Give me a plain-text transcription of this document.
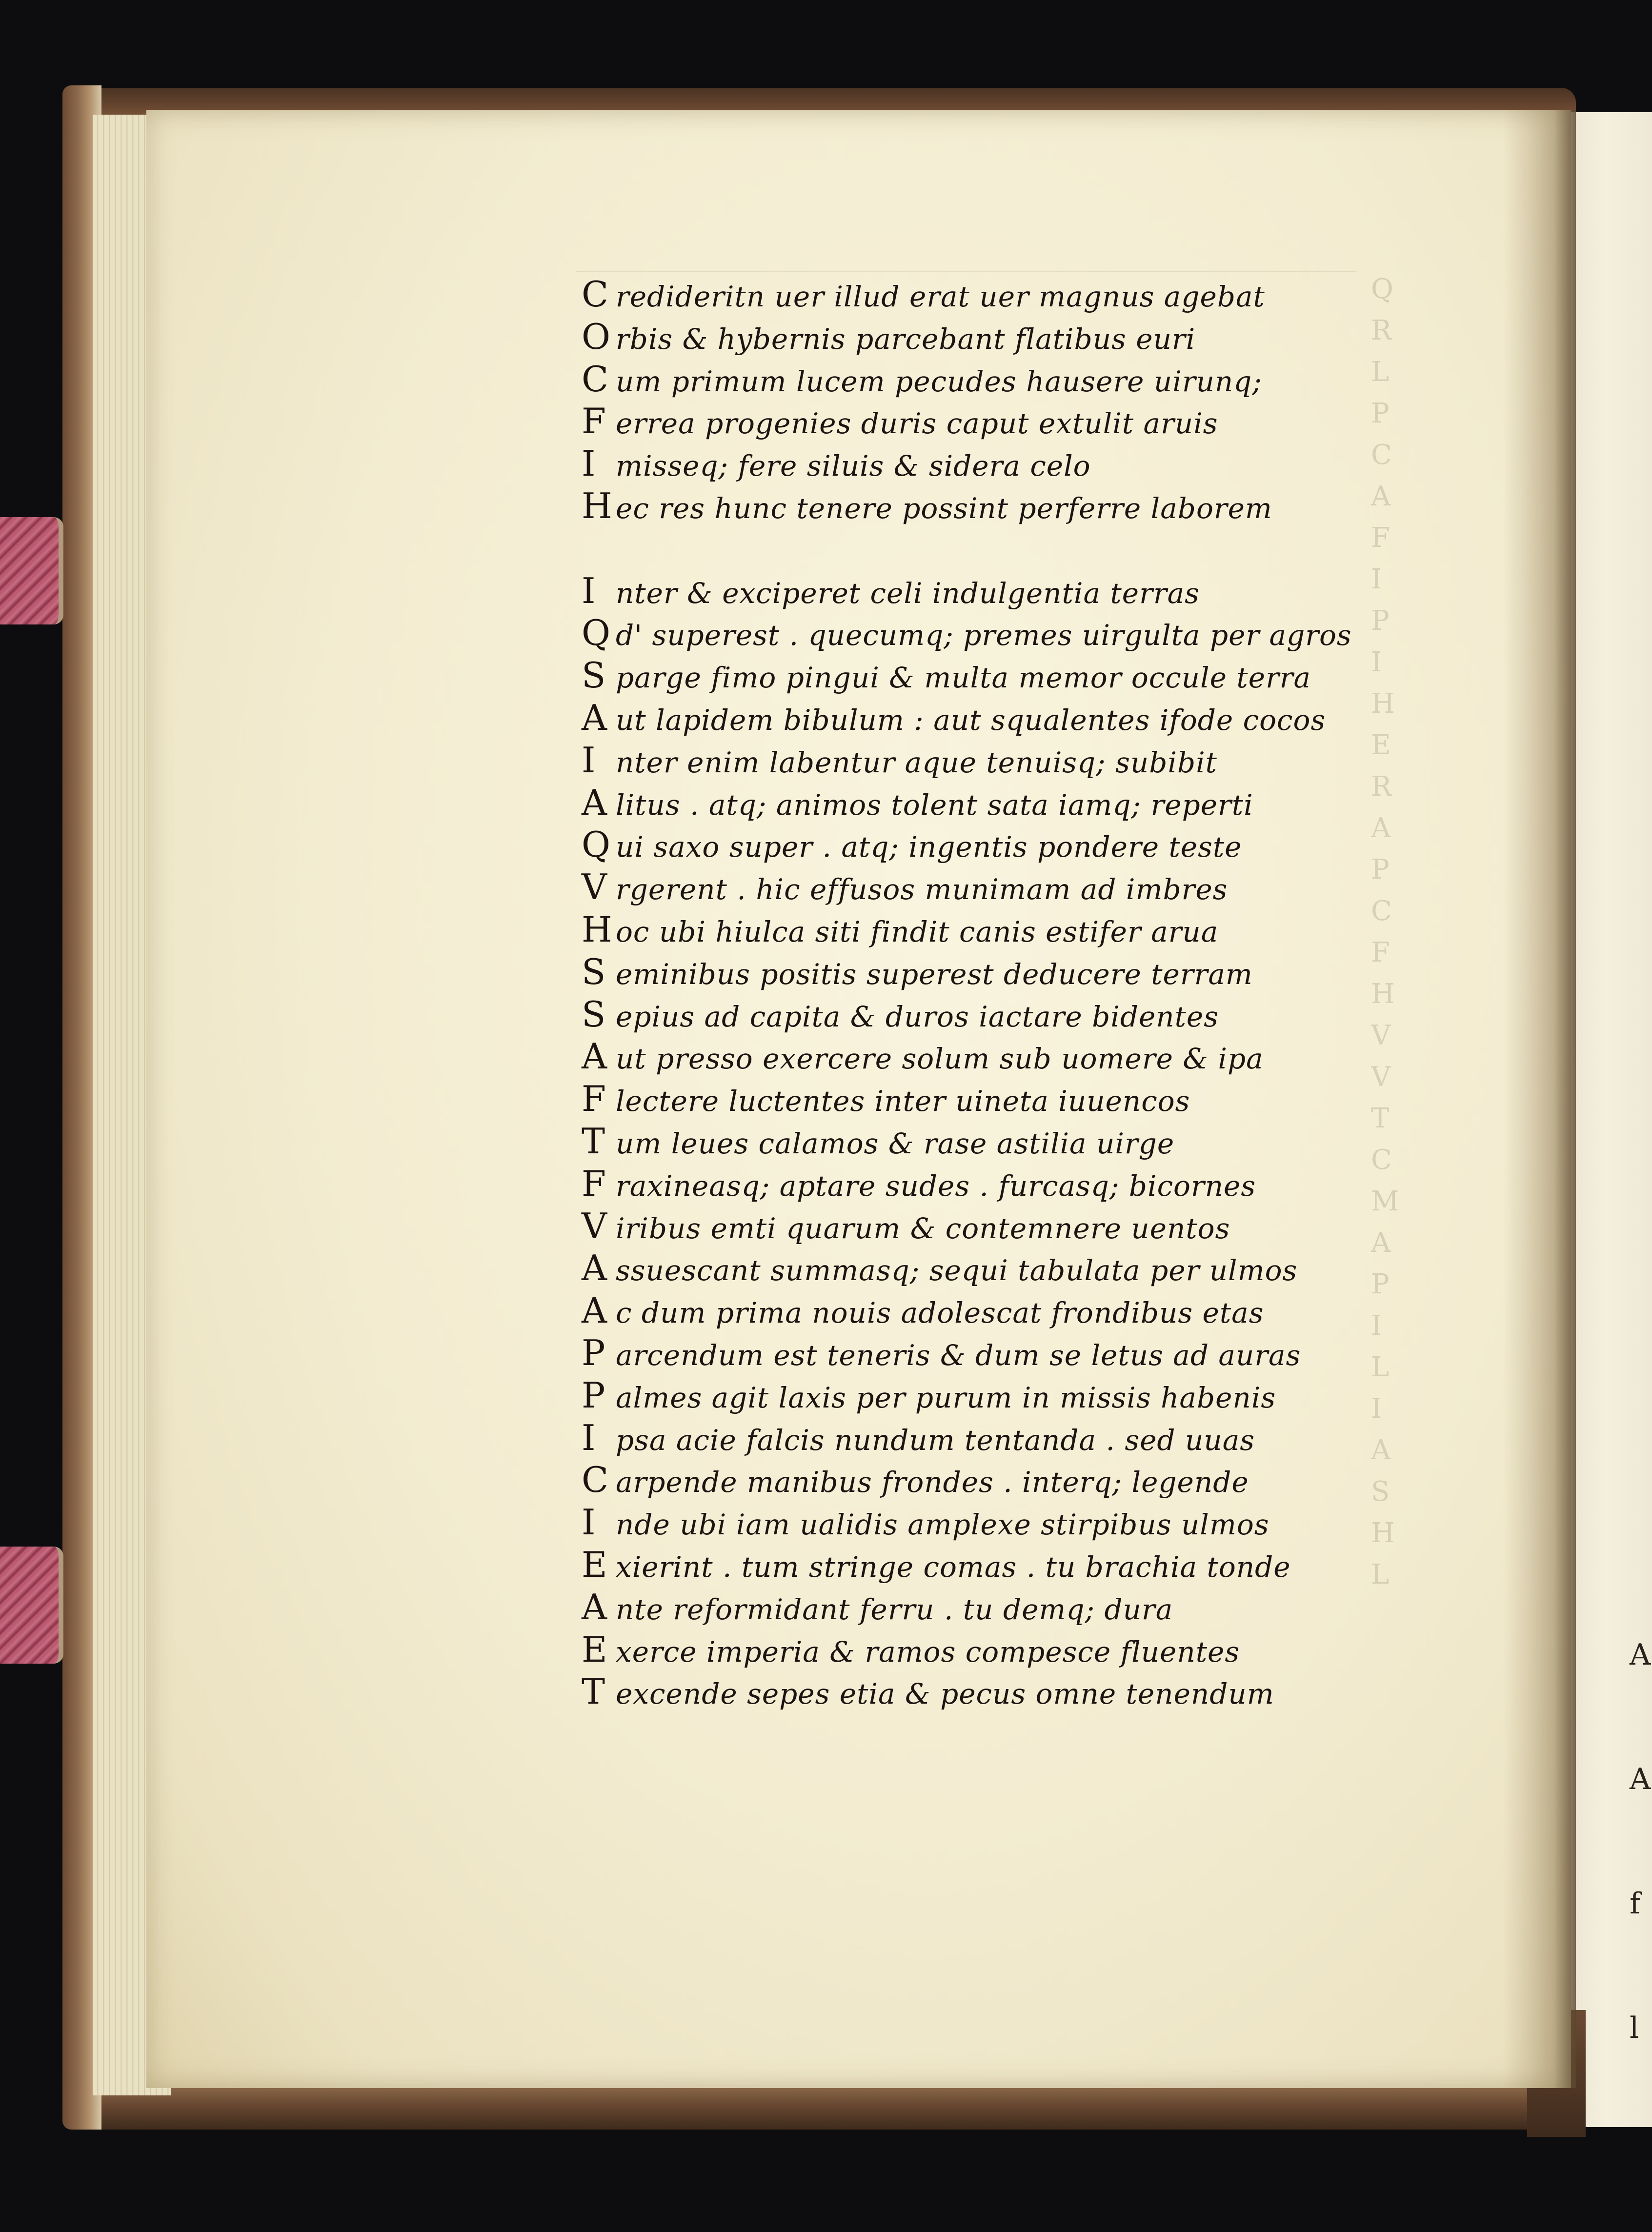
Q
R
L
P
C
A
F
I
P
I
H
E
R
A
P
C
F
H
V
V
T
C
M
A
P
I
L
I
A
S
H
L
C redideritn uer illud erat uer magnus agebat
O rbis & hybernis parcebant flatibus euri
C um primum lucem pecudes hausere uirunq;
F errea progenies duris caput extulit aruis
I misseq; fere siluis & sidera celo
H ec res hunc tenere possint perferre laborem
I nter & exciperet celi indulgentia terras
Q d' superest . quecumq; premes uirgulta per agros
S parge fimo pingui & multa memor occule terra
A ut lapidem bibulum : aut squalentes ifode cocos
I nter enim labentur aque tenuisq; subibit
A litus . atq; animos tolent sata iamq; reperti
Q ui saxo super . atq; ingentis pondere teste
V rgerent . hic effusos munimam ad imbres
H oc ubi hiulca siti findit canis estifer arua
S eminibus positis superest deducere terram
S epius ad capita & duros iactare bidentes
A ut presso exercere solum sub uomere & ipa
F lectere luctentes inter uineta iuuencos
T um leues calamos & rase astilia uirge
F raxineasq; aptare sudes . furcasq; bicornes
V iribus emti quarum & contemnere uentos
A ssuescant summasq; sequi tabulata per ulmos
A c dum prima nouis adolescat frondibus etas
P arcendum est teneris & dum se letus ad auras
P almes agit laxis per purum in missis habenis
I psa acie falcis nundum tentanda . sed uuas
C arpende manibus frondes . interq; legende
I nde ubi iam ualidis amplexe stirpibus ulmos
E xierint . tum stringe comas . tu brachia tonde
A nte reformidant ferru . tu demq; dura
E xerce imperia & ramos compesce fluentes
T excende sepes etia & pecus omne tenendum

A

A

f

l
